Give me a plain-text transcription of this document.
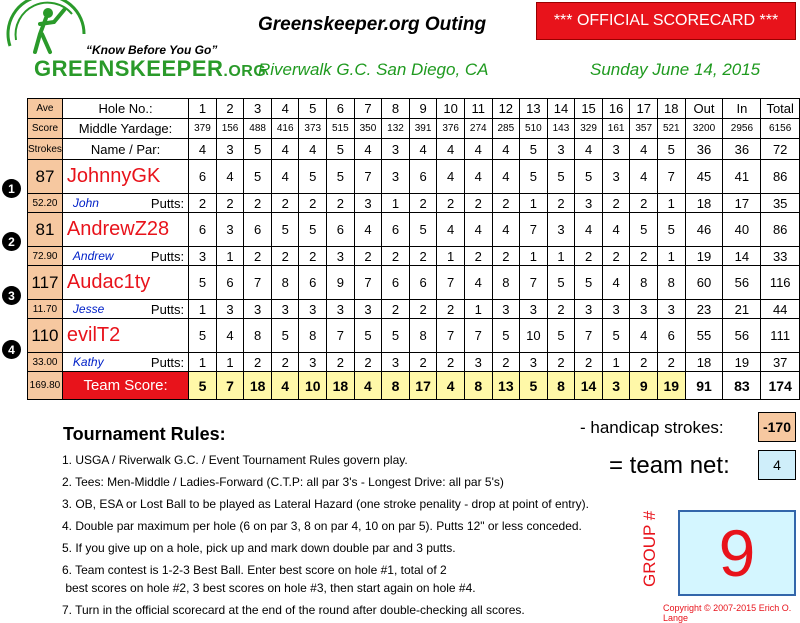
“Know Before You Go”
GREENSKEEPER.ORG
Greenskeeper.org Outing	*** OFFICIAL SCORECARD ***
Riverwalk G.C. San Diego, CA	Sunday June 14, 2015
1
2
3
4
Ave	Hole No.:	1	2	3	4	5	6	7	8	9	10	11	12	13	14	15	16	17	18	Out	In	Total
Score	Middle Yardage:	379	156	488	416	373	515	350	132	391	376	274	285	510	143	329	161	357	521	3200	2956	6156
Strokes	Name / Par:	4	3	5	4	4	5	4	3	4	4	4	4	5	3	4	3	4	5	36	36	72
87	JohnnyGK	6	4	5	4	5	5	7	3	6	4	4	4	5	5	5	3	4	7	45	41	86
52.20	John Putts:	2	2	2	2	2	2	3	1	2	2	2	2	1	2	3	2	2	1	18	17	35
81	AndrewZ28	6	3	6	5	5	6	4	6	5	4	4	4	7	3	4	4	5	5	46	40	86
72.90	Andrew Putts:	3	1	2	2	2	3	2	2	2	1	2	2	1	1	2	2	2	1	19	14	33
117	Audac1ty	5	6	7	8	6	9	7	6	6	7	4	8	7	5	5	4	8	8	60	56	116
11.70	Jesse Putts:	1	3	3	3	3	3	3	2	2	2	1	3	3	2	3	3	3	3	23	21	44
110	evilT2	5	4	8	5	8	7	5	5	8	7	7	5	10	5	7	5	4	6	55	56	111
33.00	Kathy Putts:	1	1	2	2	3	2	2	3	2	2	3	2	3	2	2	1	2	2	18	19	37
169.80	Team Score:	5	7	18	4	10	18	4	8	17	4	8	13	5	8	14	3	9	19	91	83	174
Tournament Rules:
1. USGA / Riverwalk G.C. / Event Tournament Rules govern play.
2. Tees: Men-Middle / Ladies-Forward (C.T.P: all par 3's - Longest Drive: all par 5's)
3. OB, ESA or Lost Ball to be played as Lateral Hazard (one stroke penality - drop at point of entry).
4. Double par maximum per hole (6 on par 3, 8 on par 4, 10 on par 5). Putts 12" or less conceded.
5. If you give up on a hole, pick up and mark down double par and 3 putts.
6. Team contest is 1-2-3 Best Ball. Enter best score on hole #1, total of 2
best scores on hole #2, 3 best scores on hole #3, then start again on hole #4.
7. Turn in the official scorecard at the end of the round after double-checking all scores.
- handicap strokes:	-170
= team net:	4
GROUP # 9
Copyright © 2007-2015 Erich O. Lange
